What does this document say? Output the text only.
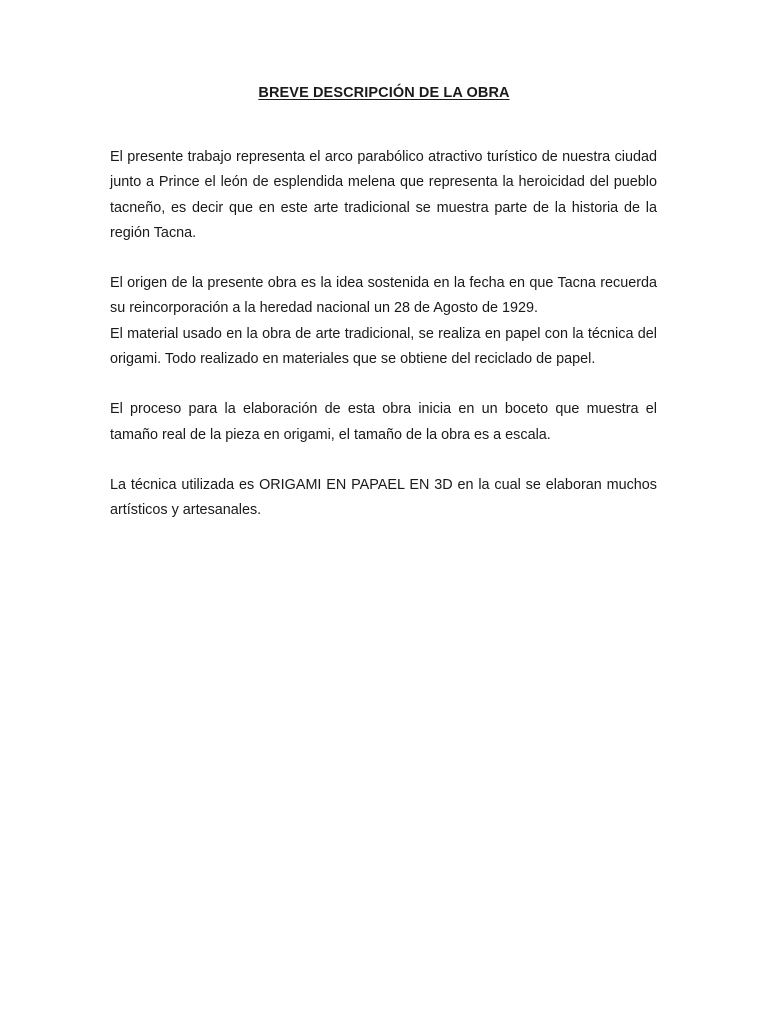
BREVE DESCRIPCIÓN DE LA OBRA

El presente trabajo representa el arco parabólico atractivo turístico de nuestra ciudad junto a Prince el león de esplendida melena que representa la heroicidad del pueblo tacneño, es decir que en este arte tradicional se muestra parte de la historia de la región Tacna.

El origen de la presente obra es la idea sostenida en la fecha en que Tacna recuerda su reincorporación a la heredad nacional un 28 de Agosto de 1929.

El material usado en la obra de arte tradicional, se realiza en papel con la técnica del origami. Todo realizado en materiales que se obtiene del reciclado de papel.

El proceso para la elaboración de esta obra inicia en un boceto que muestra el tamaño real de la pieza en origami, el tamaño de la obra es a escala.

La técnica utilizada es ORIGAMI EN PAPAEL EN 3D en la cual se elaboran muchos artísticos y artesanales.
